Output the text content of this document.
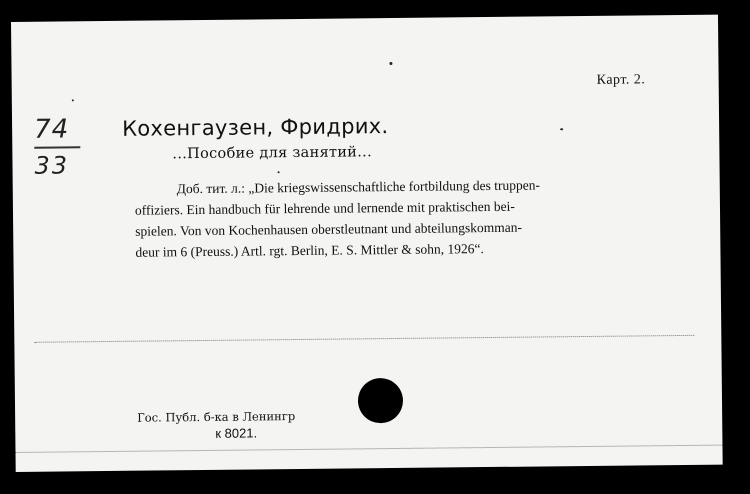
Карт. 2.
74
33
Кохенгаузен, Фридрих.
...Пособие для занятий...
Доб. тит. л.: „Die kriegswissenschaftliche fortbildung des truppen-
offiziers. Ein handbuch für lehrende und lernende mit praktischen bei-
spielen. Von von Kochenhausen oberstleutnant und abteilungskomman-
deur im 6 (Preuss.) Artl. rgt. Berlin, E. S. Mittler & sohn, 1926“.
Гос. Публ. б-ка в Ленингр
к 8021.
